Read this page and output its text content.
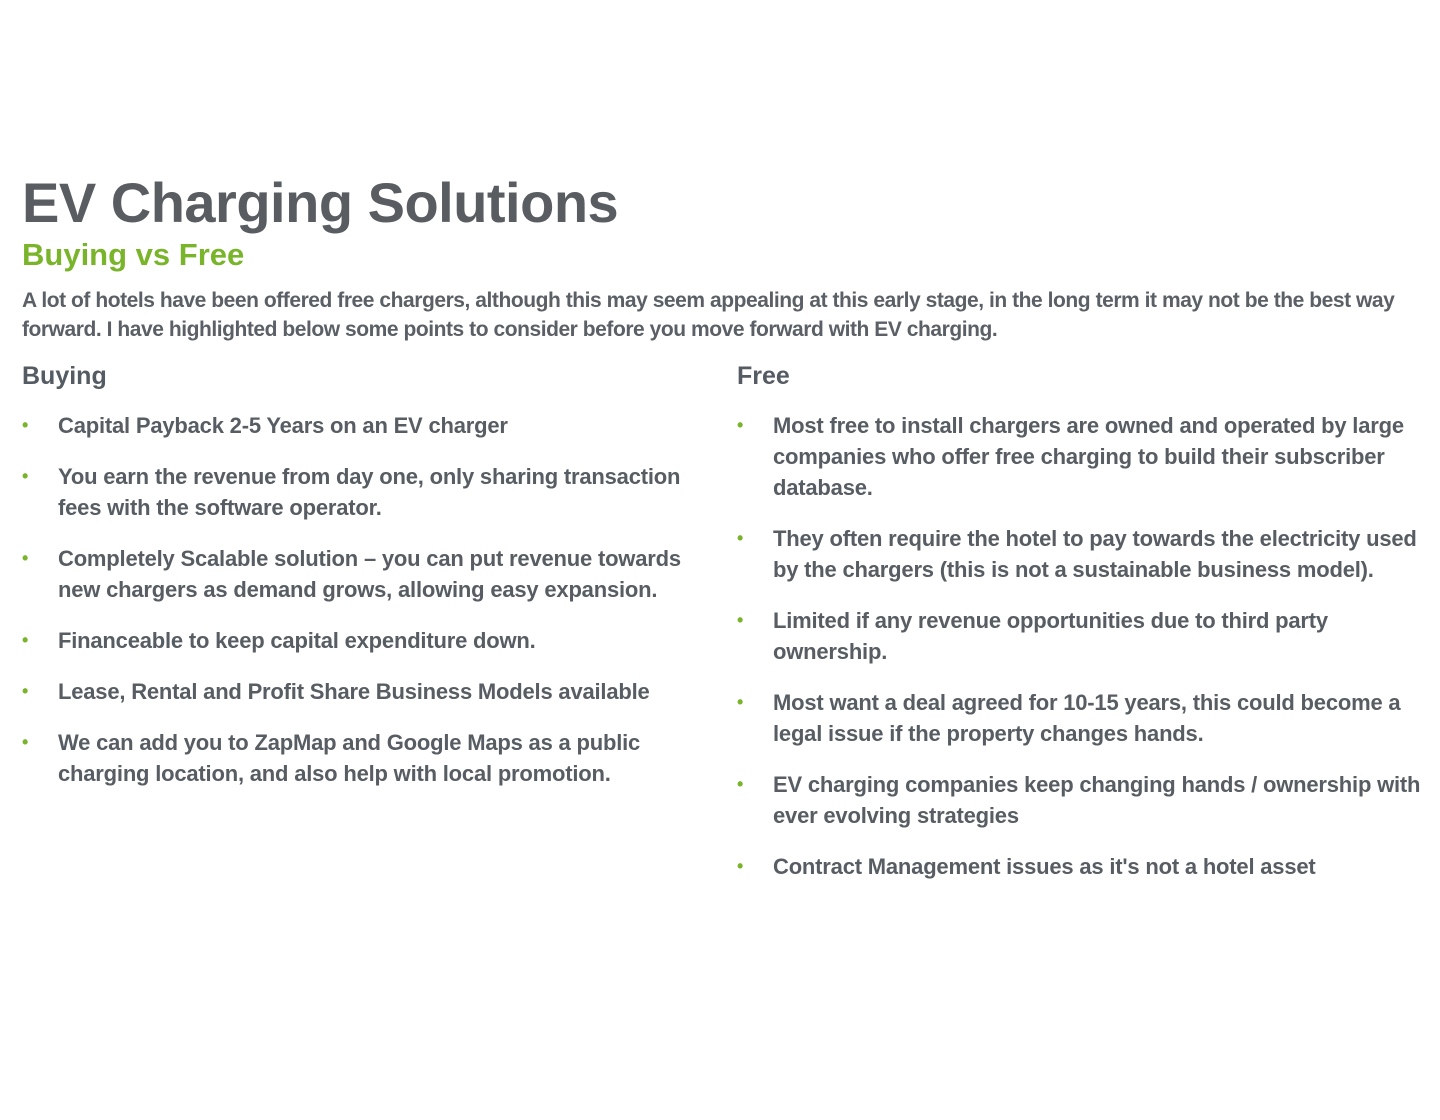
EV Charging Solutions
Buying vs Free

A lot of hotels have been offered free chargers, although this may seem appealing at this early stage, in the long term it may not be the best way forward. I have highlighted below some points to consider before you move forward with EV charging.

Buying
• Capital Payback 2-5 Years on an EV charger
• You earn the revenue from day one, only sharing transaction fees with the software operator.
• Completely Scalable solution – you can put revenue towards new chargers as demand grows, allowing easy expansion.
• Financeable to keep capital expenditure down.
• Lease, Rental and Profit Share Business Models available
• We can add you to ZapMap and Google Maps as a public charging location, and also help with local promotion.
Free
• Most free to install chargers are owned and operated by large companies who offer free charging to build their subscriber database.
• They often require the hotel to pay towards the electricity used by the chargers (this is not a sustainable business model).
• Limited if any revenue opportunities due to third party ownership.
• Most want a deal agreed for 10-15 years, this could become a legal issue if the property changes hands.
• EV charging companies keep changing hands / ownership with ever evolving strategies
• Contract Management issues as it's not a hotel asset
